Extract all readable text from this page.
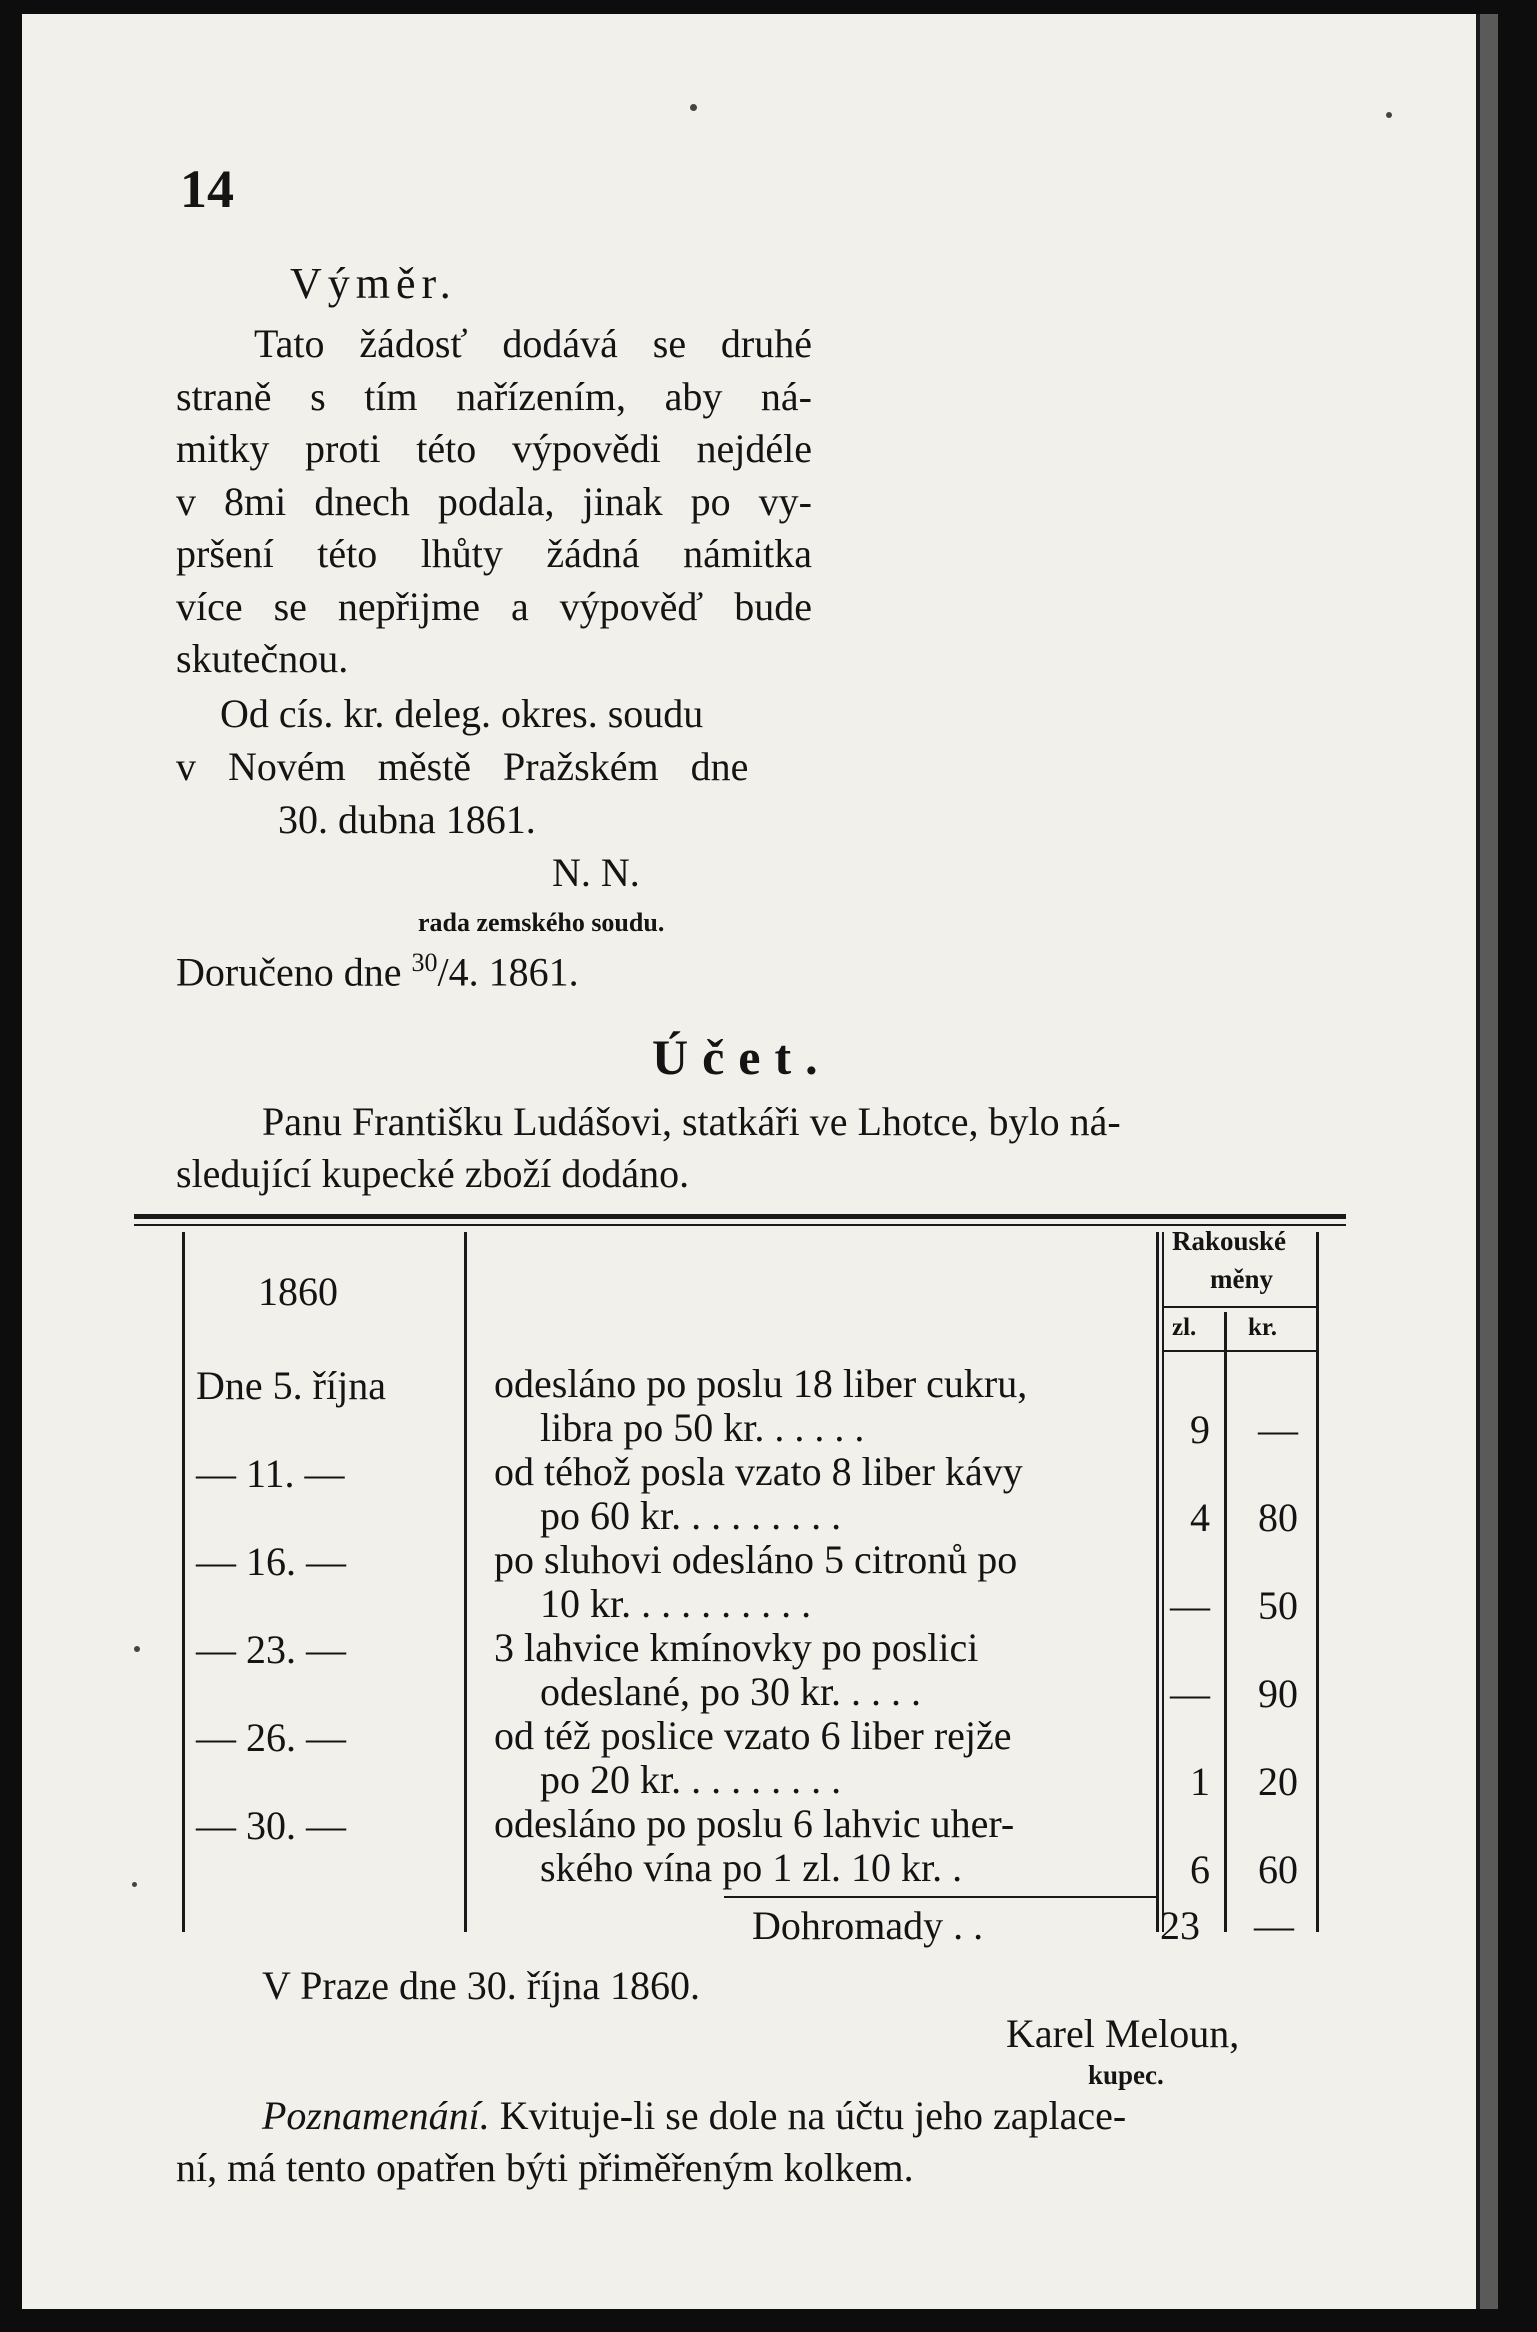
14
Výměr.
Tato žádosť dodává se druhé
straně s tím nařízením, aby ná-
mitky proti této výpovědi nejdéle
v 8mi dnech podala, jinak po vy-
pršení této lhůty žádná námitka
více se nepřijme a výpověď bude
skutečnou.
Od cís. kr. deleg. okres. soudu
v Novém městě Pražském dne
30. dubna 1861.
N. N.
rada zemského soudu.
Doručeno dne $^{30}$/4. 1861.
Účet.
Panu Františku Ludášovi, statkáři ve Lhotce, bylo ná-
sledující kupecké zboží dodáno.
1860
Rakouské
měny
zl. kr.
Dne 5. října	odesláno po poslu 18 liber cukru,
libra po 50 kr. . . . . .	9	—
— 11. —	od téhož posla vzato 8 liber kávy
po 60 kr. . . . . . . . .	4	80
— 16. —	po sluhovi odesláno 5 citronů po
10 kr. . . . . . . . . .	—	50
— 23. —	3 lahvice kmínovky po poslici
odeslané, po 30 kr. . . . .	—	90
— 26. —	od též poslice vzato 6 liber rejže
po 20 kr. . . . . . . . .	1	20
— 30. —	odesláno po poslu 6 lahvic uher-
ského vína po 1 zl. 10 kr. .	6	60
Dohromady . .	23 —
V Praze dne 30. října 1860.
Karel Meloun,
kupec.
Poznamenání. Kvituje-li se dole na účtu jeho zaplace-
ní, má tento opatřen býti přiměřeným kolkem.
